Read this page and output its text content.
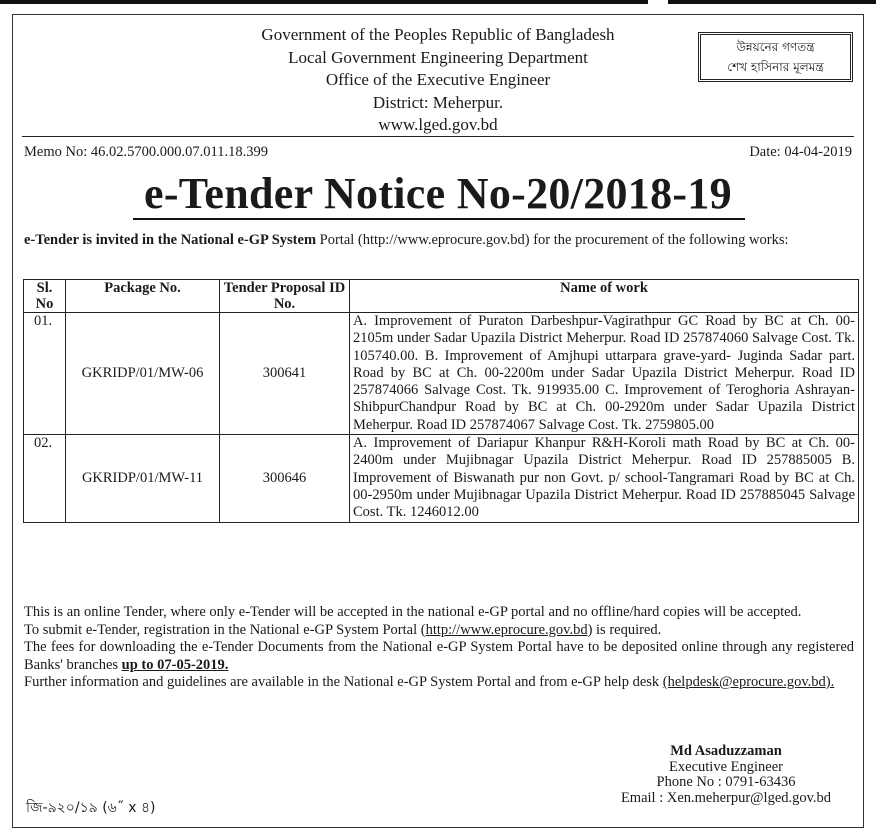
Government of the Peoples Republic of Bangladesh
Local Government Engineering Department
Office of the Executive Engineer
District: Meherpur.
www.lged.gov.bd
উন্নয়নের গণতন্ত্র
শেখ হাসিনার মূলমন্ত্র
Memo No: 46.02.5700.000.07.011.18.399	Date: 04-04-2019
e-Tender Notice No-20/2018-19
e-Tender is invited in the National e-GP System Portal (http://www.eprocure.gov.bd) for the procurement of the following works:
Sl. No	Package No.	Tender Proposal ID No.	Name of work
01.	GKRIDP/01/MW-06	300641	A. Improvement of Puraton Darbeshpur-Vagirathpur GC Road by BC at Ch. 00-2105m under Sadar Upazila District Meherpur. Road ID 257874060 Salvage Cost. Tk. 105740.00. B. Improvement of Amjhupi uttarpara grave-yard- Juginda Sadar part. Road by BC at Ch. 00-2200m under Sadar Upazila District Meherpur. Road ID 257874066 Salvage Cost. Tk. 919935.00 C. Improvement of Teroghoria Ashrayan-ShibpurChandpur Road by BC at Ch. 00-2920m under Sadar Upazila District Meherpur. Road ID 257874067 Salvage Cost. Tk. 2759805.00
02.	GKRIDP/01/MW-11	300646	A. Improvement of Dariapur Khanpur R&H-Koroli math Road by BC at Ch. 00-2400m under Mujibnagar Upazila District Meherpur. Road ID 257885005 B. Improvement of Biswanath pur non Govt. p/ school-Tangramari Road by BC at Ch. 00-2950m under Mujibnagar Upazila District Meherpur. Road ID 257885045 Salvage Cost. Tk. 1246012.00

This is an online Tender, where only e-Tender will be accepted in the national e-GP portal and no offline/hard copies will be accepted.

To submit e-Tender, registration in the National e-GP System Portal (http://www.eprocure.gov.bd) is required.

The fees for downloading the e-Tender Documents from the National e-GP System Portal have to be deposited online through any registered Banks' branches up to 07-05-2019.

Further information and guidelines are available in the National e-GP System Portal and from e-GP help desk (helpdesk@eprocure.gov.bd).

Md Asaduzzaman
Executive Engineer
Phone No : 0791-63436
Email : Xen.meherpur@lged.gov.bd
জি-৯২০/১৯ (৬˝ x ৪)
